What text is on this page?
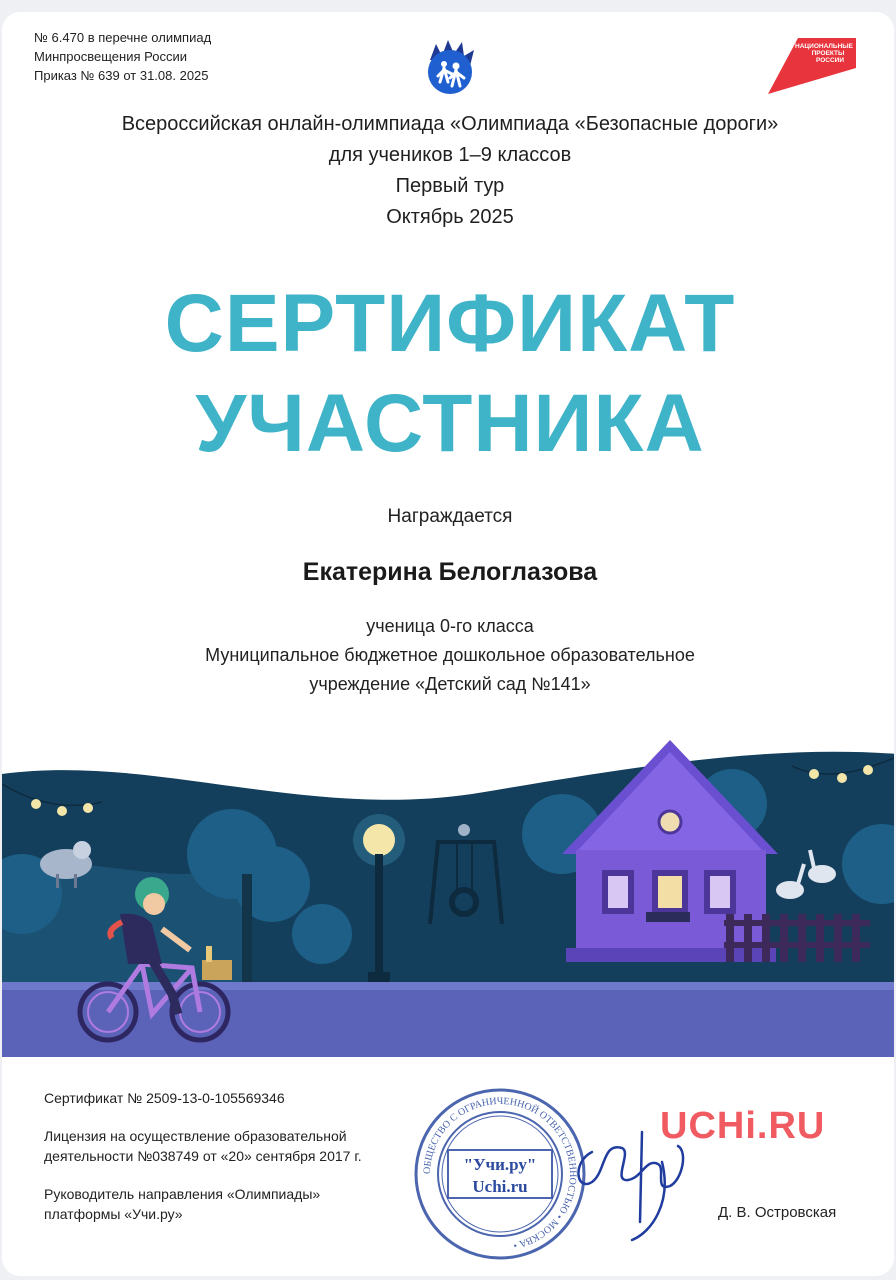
№ 6.470 в перечне олимпиад
Минпросвещения России
Приказ № 639 от 31.08. 2025
НАЦИОНАЛЬНЫЕ
ПРОЕКТЫ
РОССИИ
Всероссийская онлайн-олимпиада «Олимпиада «Безопасные дороги»
для учеников 1–9 классов
Первый тур
Октябрь 2025
СЕРТИФИКАТ
УЧАСТНИКА
Награждается
Екатерина Белоглазова
ученица 0-го класса
Муниципальное бюджетное дошкольное образовательное
учреждение «Детский сад №141»

Сертификат № 2509-13-0-105569346

Лицензия на осуществление образовательной
деятельности №038749 от «20» сентября 2017 г.

Руководитель направления «Олимпиады»
платформы «Учи.ру»

ОБЩЕСТВО С ОГРАНИЧЕННОЙ ОТВЕТСТВЕННОСТЬЮ • МОСКВА •
"Учи.ру"
Uchi.ru
UCHi.RU
Д. В. Островская
